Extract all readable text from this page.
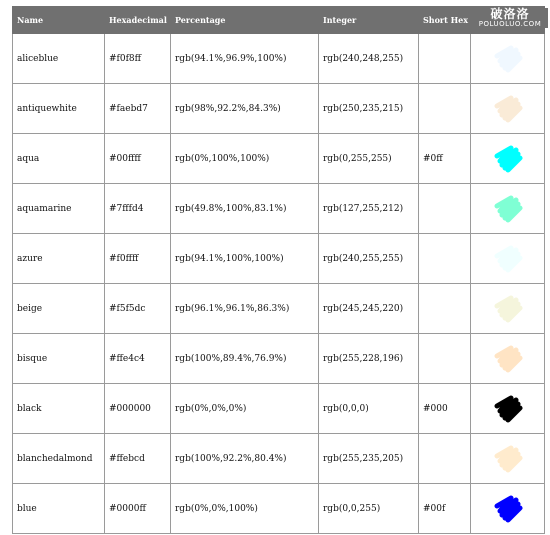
Name	Hexadecimal	Percentage	Integer	Short Hex	
aliceblue	#f0f8ff	rgb(94.1%,96.9%,100%)	rgb(240,248,255)		

antiquewhite	#faebd7	rgb(98%,92.2%,84.3%)	rgb(250,235,215)		

aqua	#00ffff	rgb(0%,100%,100%)	rgb(0,255,255)	#0ff	

aquamarine	#7fffd4	rgb(49.8%,100%,83.1%)	rgb(127,255,212)		

azure	#f0ffff	rgb(94.1%,100%,100%)	rgb(240,255,255)		

beige	#f5f5dc	rgb(96.1%,96.1%,86.3%)	rgb(245,245,220)		

bisque	#ffe4c4	rgb(100%,89.4%,76.9%)	rgb(255,228,196)		

black	#000000	rgb(0%,0%,0%)	rgb(0,0,0)	#000	

blanchedalmond	#ffebcd	rgb(100%,92.2%,80.4%)	rgb(255,235,205)		

blue	#0000ff	rgb(0%,0%,100%)	rgb(0,0,255)	#00f	
破洛洛
POLUOLUO.COM
